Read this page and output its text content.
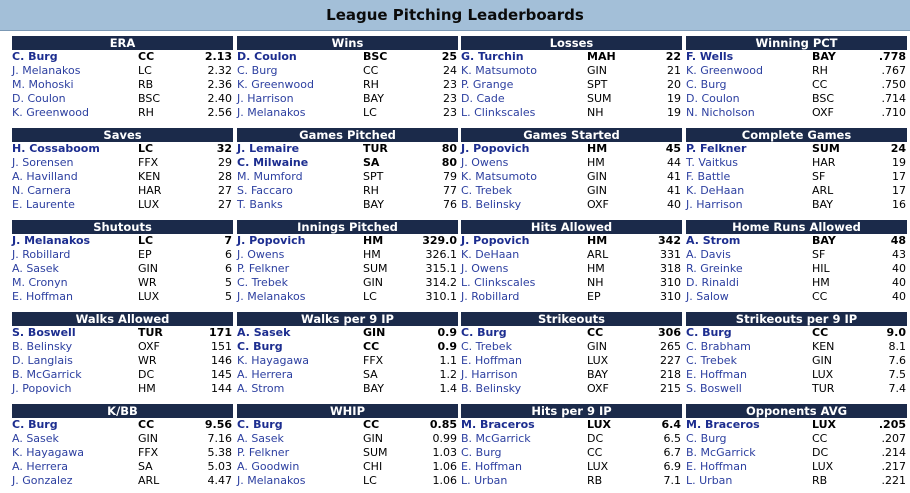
League Pitching Leaderboards
ERA
C. Burg	CC	2.13
J. Melanakos	LC	2.32
M. Mohoski	RB	2.36
D. Coulon	BSC	2.40
K. Greenwood	RH	2.56
Wins
D. Coulon	BSC	25
C. Burg	CC	24
K. Greenwood	RH	23
J. Harrison	BAY	23
J. Melanakos	LC	23
Losses
G. Turchin	MAH	22
K. Matsumoto	GIN	21
P. Grange	SPT	20
D. Cade	SUM	19
L. Clinkscales	NH	19
Winning PCT
F. Wells	BAY	.778
K. Greenwood	RH	.767
C. Burg	CC	.750
D. Coulon	BSC	.714
N. Nicholson	OXF	.710
Saves
H. Cossaboom	LC	32
J. Sorensen	FFX	29
A. Havilland	KEN	28
N. Carnera	HAR	27
E. Laurente	LUX	27
Games Pitched
J. Lemaire	TUR	80
C. Milwaine	SA	80
M. Mumford	SPT	79
S. Faccaro	RH	77
T. Banks	BAY	76
Games Started
J. Popovich	HM	45
J. Owens	HM	44
K. Matsumoto	GIN	41
C. Trebek	GIN	41
B. Belinsky	OXF	40
Complete Games
P. Felkner	SUM	24
T. Vaitkus	HAR	19
F. Battle	SF	17
K. DeHaan	ARL	17
J. Harrison	BAY	16
Shutouts
J. Melanakos	LC	7
J. Robillard	EP	6
A. Sasek	GIN	6
M. Cronyn	WR	5
E. Hoffman	LUX	5
Innings Pitched
J. Popovich	HM	329.0
J. Owens	HM	326.1
P. Felkner	SUM	315.1
C. Trebek	GIN	314.2
J. Melanakos	LC	310.1
Hits Allowed
J. Popovich	HM	342
K. DeHaan	ARL	331
J. Owens	HM	318
L. Clinkscales	NH	310
J. Robillard	EP	310
Home Runs Allowed
A. Strom	BAY	48
A. Davis	SF	43
R. Greinke	HIL	40
D. Rinaldi	HM	40
J. Salow	CC	40
Walks Allowed
S. Boswell	TUR	171
B. Belinsky	OXF	151
D. Langlais	WR	146
B. McGarrick	DC	145
J. Popovich	HM	144
Walks per 9 IP
A. Sasek	GIN	0.9
C. Burg	CC	0.9
K. Hayagawa	FFX	1.1
A. Herrera	SA	1.2
A. Strom	BAY	1.4
Strikeouts
C. Burg	CC	306
C. Trebek	GIN	265
E. Hoffman	LUX	227
J. Harrison	BAY	218
B. Belinsky	OXF	215
Strikeouts per 9 IP
C. Burg	CC	9.0
C. Brabham	KEN	8.1
C. Trebek	GIN	7.6
E. Hoffman	LUX	7.5
S. Boswell	TUR	7.4
K/BB
C. Burg	CC	9.56
A. Sasek	GIN	7.16
K. Hayagawa	FFX	5.38
A. Herrera	SA	5.03
J. Gonzalez	ARL	4.47
WHIP
C. Burg	CC	0.85
A. Sasek	GIN	0.99
P. Felkner	SUM	1.03
A. Goodwin	CHI	1.06
J. Melanakos	LC	1.06
Hits per 9 IP
M. Braceros	LUX	6.4
B. McGarrick	DC	6.5
C. Burg	CC	6.7
E. Hoffman	LUX	6.9
L. Urban	RB	7.1
Opponents AVG
M. Braceros	LUX	.205
C. Burg	CC	.207
B. McGarrick	DC	.214
E. Hoffman	LUX	.217
L. Urban	RB	.221
